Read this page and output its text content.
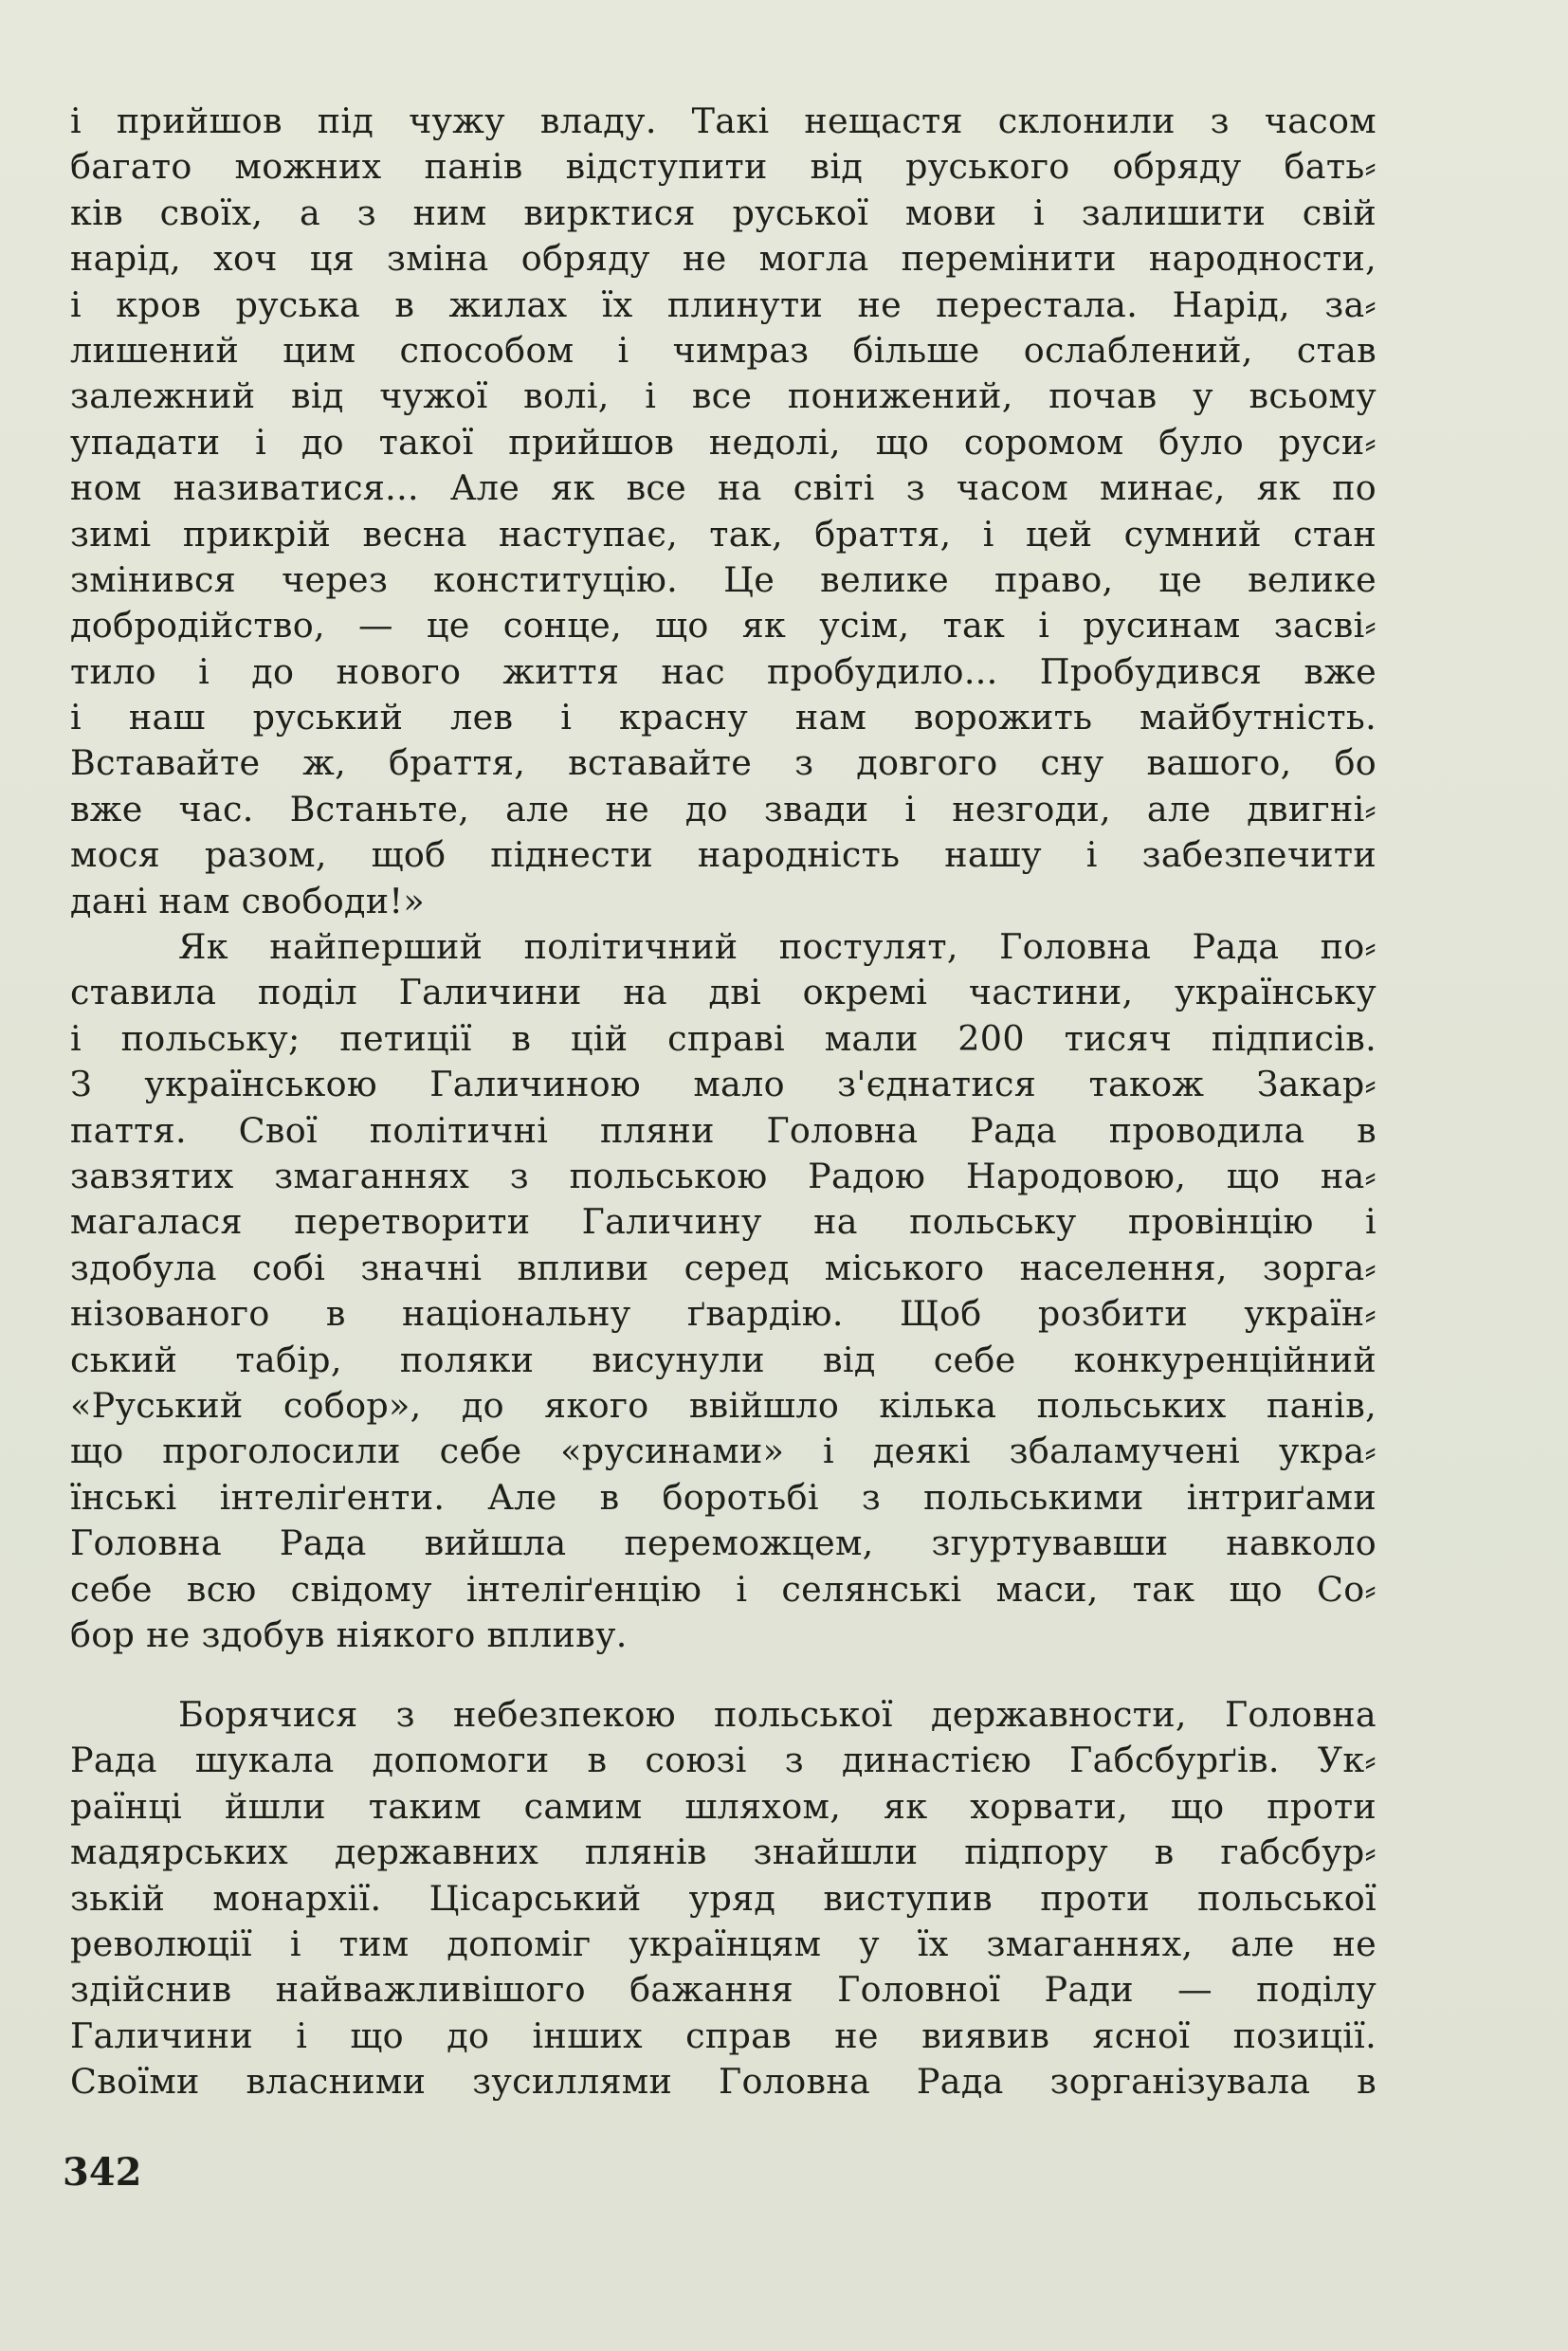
і прийшов під чужу владу. Такі нещастя склонили з часом
багато можних панів відступити від руського обряду бать⸗
ків своїх, а з ним вирктися руської мови і залишити свій
нарід, хоч ця зміна обряду не могла перемінити народности,
і кров руська в жилах їх плинути не перестала. Нарід, за⸗
лишений цим способом і чимраз більше ослаблений, став
залежний від чужої волі, і все понижений, почав у всьому
упадати і до такої прийшов недолі, що соромом було руси⸗
ном називатися... Але як все на світі з часом минає, як по
зимі прикрій весна наступає, так, браття, і цей сумний стан
змінився через конституцію. Це велике право, це велике
добродійство, — це сонце, що як усім, так і русинам засві⸗
тило і до нового життя нас пробудило... Пробудився вже
і наш руський лев і красну нам ворожить майбутність.
Вставайте ж, браття, вставайте з довгого сну вашого, бо
вже час. Встаньте, але не до звади і незгоди, але двигні⸗
мося разом, щоб піднести народність нашу і забезпечити
дані нам свободи!»
Як найперший політичний постулят, Головна Рада по⸗
ставила поділ Галичини на дві окремі частини, українську
і польську; петиції в цій справі мали 200 тисяч підписів.
З українською Галичиною мало з'єднатися також Закар⸗
паття. Свої політичні пляни Головна Рада проводила в
завзятих змаганнях з польською Радою Народовою, що на⸗
магалася перетворити Галичину на польську провінцію і
здобула собі значні впливи серед міського населення, зорга⸗
нізованого в національну ґвардію. Щоб розбити україн⸗
ський табір, поляки висунули від себе конкуренційний
«Руський собор», до якого ввійшло кілька польських панів,
що проголосили себе «русинами» і деякі збаламучені укра⸗
їнські інтеліґенти. Але в боротьбі з польськими інтриґами
Головна Рада вийшла переможцем, згуртувавши навколо
себе всю свідому інтеліґенцію і селянські маси, так що Со⸗
бор не здобув ніякого впливу.
Борячися з небезпекою польської державности, Головна
Рада шукала допомоги в союзі з династією Габсбурґів. Ук⸗
раїнці йшли таким самим шляхом, як хорвати, що проти
мадярських державних плянів знайшли підпору в габсбур⸗
зькій монархії. Цісарський уряд виступив проти польської
революції і тим допоміг українцям у їх змаганнях, але не
здійснив найважливішого бажання Головної Ради — поділу
Галичини і що до інших справ не виявив ясної позиції.
Своїми власними зусиллями Головна Рада зорганізувала в
342
